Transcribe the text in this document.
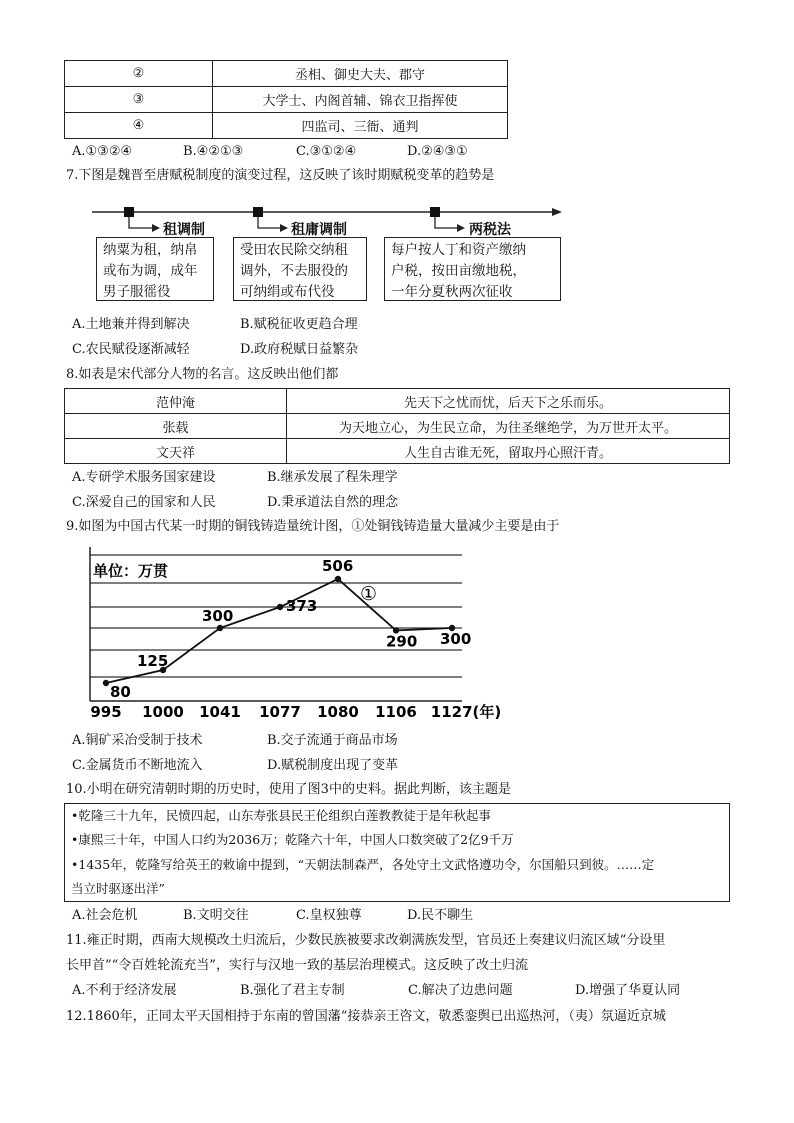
②	丞相、御史大夫、郡守
③	大学士、内阁首辅、锦衣卫指挥使
④	四监司、三衙、通判
A.①③②④	B.④②①③	C.③①②④	D.②④③①
7.下图是魏晋至唐赋税制度的演变过程，这反映了该时期赋税变革的趋势是
租调制	租庸调制	两税法
纳粟为租，纳帛
或布为调，成年
男子服徭役
受田农民除交纳租
调外，不去服役的
可纳绢或布代役
每户按人丁和资产缴纳
户税，按田亩缴地税，
一年分夏秋两次征收
A.土地兼并得到解决	B.赋税征收更趋合理
C.农民赋役逐渐减轻	D.政府税赋日益繁杂
8.如表是宋代部分人物的名言。这反映出他们都
范仲淹	先天下之忧而忧，后天下之乐而乐。
张载	为天地立心，为生民立命，为往圣继绝学，为万世开太平。
文天祥	人生自古谁无死，留取丹心照汗青。
A.专研学术服务国家建设	B.继承发展了程朱理学
C.深爱自己的国家和人民	D.秉承道法自然的理念
9.如图为中国古代某一时期的铜钱铸造量统计图，①处铜钱铸造量大量减少主要是由于
80
125
300
373
506
290 300
995 1000 1041 1077 1080 1106 1127(年)
单位：万贯
①
A.铜矿采冶受制于技术	B.交子流通于商品市场
C.金属货币不断地流入	D.赋税制度出现了变革
10.小明在研究清朝时期的历史时，使用了图3中的史料。据此判断，该主题是
•乾隆三十九年，民愤四起，山东寿张县民王伦组织白莲教教徒于是年秋起事
•康熙三十年，中国人口约为2036万；乾隆六十年，中国人口数突破了2亿9千万
•1435年，乾隆写给英王的敕谕中提到，“天朝法制森严，各处守土文武恪遵功令，尔国船只到彼。……定
当立时驱逐出洋”
A.社会危机	B.文明交往	C.皇权独尊	D.民不聊生
11.雍正时期，西南大规模改土归流后，少数民族被要求改剃满族发型，官员还上奏建议归流区域“分设里
长甲首”“令百姓轮流充当”，实行与汉地一致的基层治理模式。这反映了改土归流
A.不利于经济发展	B.强化了君主专制	C.解决了边患问题	D.增强了华夏认同
12.1860年，正同太平天国相持于东南的曾国藩“接恭亲王咨文，敬悉銮舆已出巡热河，（夷）氛逼近京城
